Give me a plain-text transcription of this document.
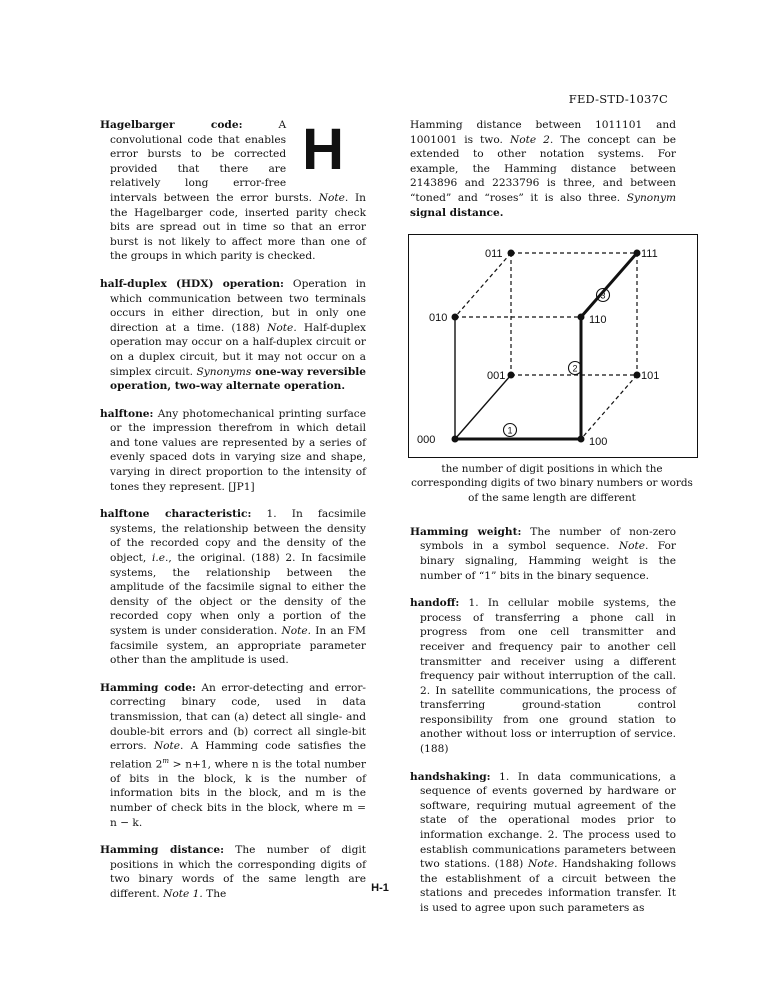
FED-STD-1037C
H
Hagelbarger code: A convolutional code that enables error bursts to be corrected provided that there are relatively long error-free intervals between the error bursts. Note. In the Hagelbarger code, inserted parity check bits are spread out in time so that an error burst is not likely to affect more than one of the groups in which parity is checked.
half-duplex (HDX) operation: Operation in which communication between two terminals occurs in either direction, but in only one direction at a time. (188) Note. Half-duplex operation may occur on a half-duplex circuit or on a duplex circuit, but it may not occur on a simplex circuit. Synonyms one-way reversible operation, two-way alternate operation.
halftone: Any photomechanical printing surface or the impression therefrom in which detail and tone values are represented by a series of evenly spaced dots in varying size and shape, varying in direct proportion to the intensity of tones they represent. [JP1]
halftone characteristic: 1. In facsimile systems, the relationship between the density of the recorded copy and the density of the object, i.e., the original. (188) 2. In facsimile systems, the relationship between the amplitude of the facsimile signal to either the density of the object or the density of the recorded copy when only a portion of the system is under consideration. Note. In an FM facsimile system, an appropriate parameter other than the amplitude is used.
Hamming code: An error-detecting and error-correcting binary code, used in data transmission, that can (a) detect all single- and double-bit errors and (b) correct all single-bit errors. Note. A Hamming code satisfies the relation 2$^m$ > n+1, where n is the total number of bits in the block, k is the number of information bits in the block, and m is the number of check bits in the block, where m = n − k.
Hamming distance: The number of digit positions in which the corresponding digits of two binary words of the same length are different. Note 1. The
Hamming distance between 1011101 and 1001001 is two. Note 2. The concept can be extended to other notation systems. For example, the Hamming distance between 2143896 and 2233796 is three, and between “toned” and “roses” it is also three. Synonym signal distance.
000
001
010
011
100
101
110
111
1
2
3
the number of digit positions in which the corresponding digits of two binary numbers or words of the same length are different
Hamming weight: The number of non-zero symbols in a symbol sequence. Note. For binary signaling, Hamming weight is the number of “1” bits in the binary sequence.
handoff: 1. In cellular mobile systems, the process of transferring a phone call in progress from one cell transmitter and receiver and frequency pair to another cell transmitter and receiver using a different frequency pair without interruption of the call. 2. In satellite communications, the process of transferring ground-station control responsibility from one ground station to another without loss or interruption of service. (188)
handshaking: 1. In data communications, a sequence of events governed by hardware or software, requiring mutual agreement of the state of the operational modes prior to information exchange. 2. The process used to establish communications parameters between two stations. (188) Note. Handshaking follows the establishment of a circuit between the stations and precedes information transfer. It is used to agree upon such parameters as
H-1
